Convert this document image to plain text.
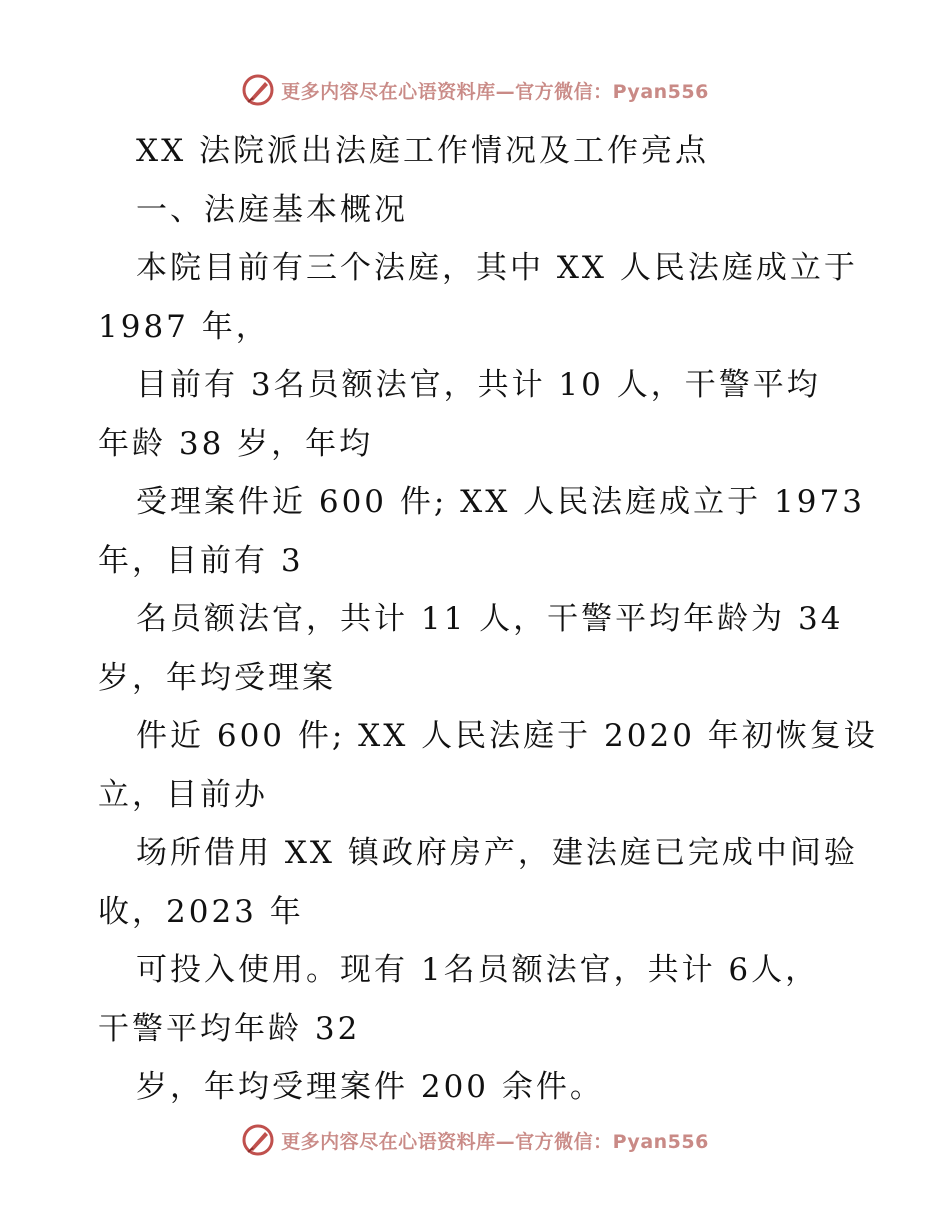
更多内容尽在心语资料库—官方微信：Pyan556
XX 法院派出法庭工作情况及工作亮点
一、法庭基本概况
本院目前有三个法庭，其中 XX 人民法庭成立于
1987 年，
目前有 3名员额法官，共计 10 人，干警平均
年龄 38 岁，年均
受理案件近 600 件; XX 人民法庭成立于 1973
年，目前有 3
名员额法官，共计 11 人，干警平均年龄为 34
岁，年均受理案
件近 600 件; XX 人民法庭于 2020 年初恢复设
立，目前办
场所借用 XX 镇政府房产，建法庭已完成中间验
收，2023 年
可投入使用。现有 1名员额法官，共计 6人，
干警平均年龄 32
岁，年均受理案件 200 余件。
更多内容尽在心语资料库—官方微信：Pyan556
